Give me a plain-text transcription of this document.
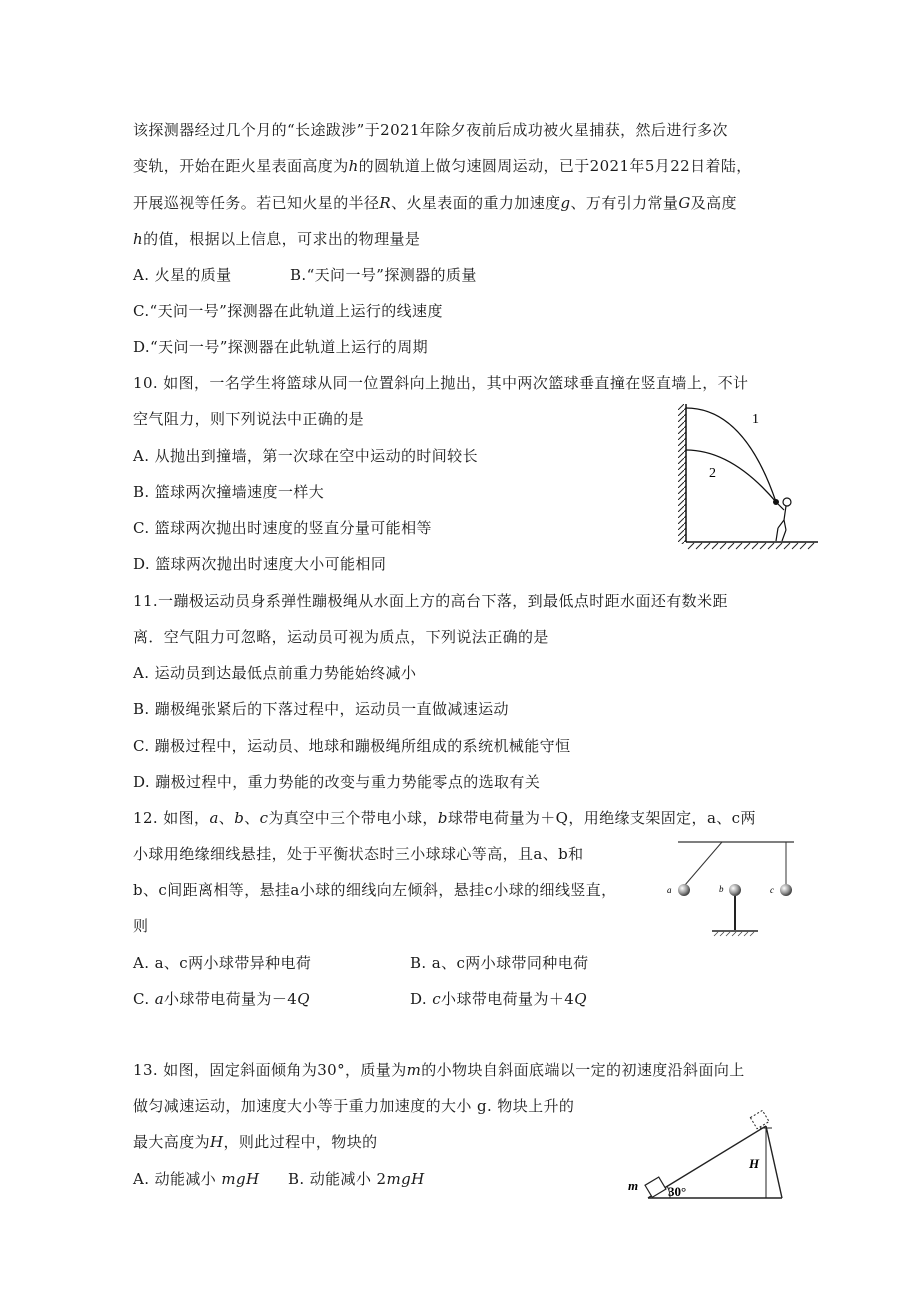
该探测器经过几个月的“长途跋涉”于2021年除夕夜前后成功被火星捕获，然后进行多次
变轨，开始在距火星表面高度为h的圆轨道上做匀速圆周运动，已于2021年5月22日着陆，
开展巡视等任务。若已知火星的半径R、火星表面的重力加速度g、万有引力常量G及高度
h的值，根据以上信息，可求出的物理量是
A. 火星的质量	B.“天问一号”探测器的质量
C.“天问一号”探测器在此轨道上运行的线速度
D.“天问一号”探测器在此轨道上运行的周期
10. 如图，一名学生将篮球从同一位置斜向上抛出，其中两次篮球垂直撞在竖直墙上，不计
空气阻力，则下列说法中正确的是
A. 从抛出到撞墙，第一次球在空中运动的时间较长
B. 篮球两次撞墙速度一样大
C. 篮球两次抛出时速度的竖直分量可能相等
D. 篮球两次抛出时速度大小可能相同
1
2
11.一蹦极运动员身系弹性蹦极绳从水面上方的高台下落，到最低点时距水面还有数米距
离．空气阻力可忽略，运动员可视为质点，下列说法正确的是
A. 运动员到达最低点前重力势能始终减小
B. 蹦极绳张紧后的下落过程中，运动员一直做减速运动
C. 蹦极过程中，运动员、地球和蹦极绳所组成的系统机械能守恒
D. 蹦极过程中，重力势能的改变与重力势能零点的选取有关
12. 如图，a、b、c为真空中三个带电小球，b球带电荷量为＋Q，用绝缘支架固定，a、c两
小球用绝缘细线悬挂，处于平衡状态时三小球球心等高，且a、b和
b、c间距离相等，悬挂a小球的细线向左倾斜，悬挂c小球的细线竖直，
则
A. a、c两小球带异种电荷	B. a、c两小球带同种电荷
C. a小球带电荷量为－4Q	D. c小球带电荷量为＋4Q
a	b	c
13. 如图，固定斜面倾角为30°，质量为m的小物块自斜面底端以一定的初速度沿斜面向上
做匀减速运动，加速度大小等于重力加速度的大小 g. 物块上升的
最大高度为H，则此过程中，物块的
A. 动能减小 mgH B. 动能减小 2mgH	m 30°
H
